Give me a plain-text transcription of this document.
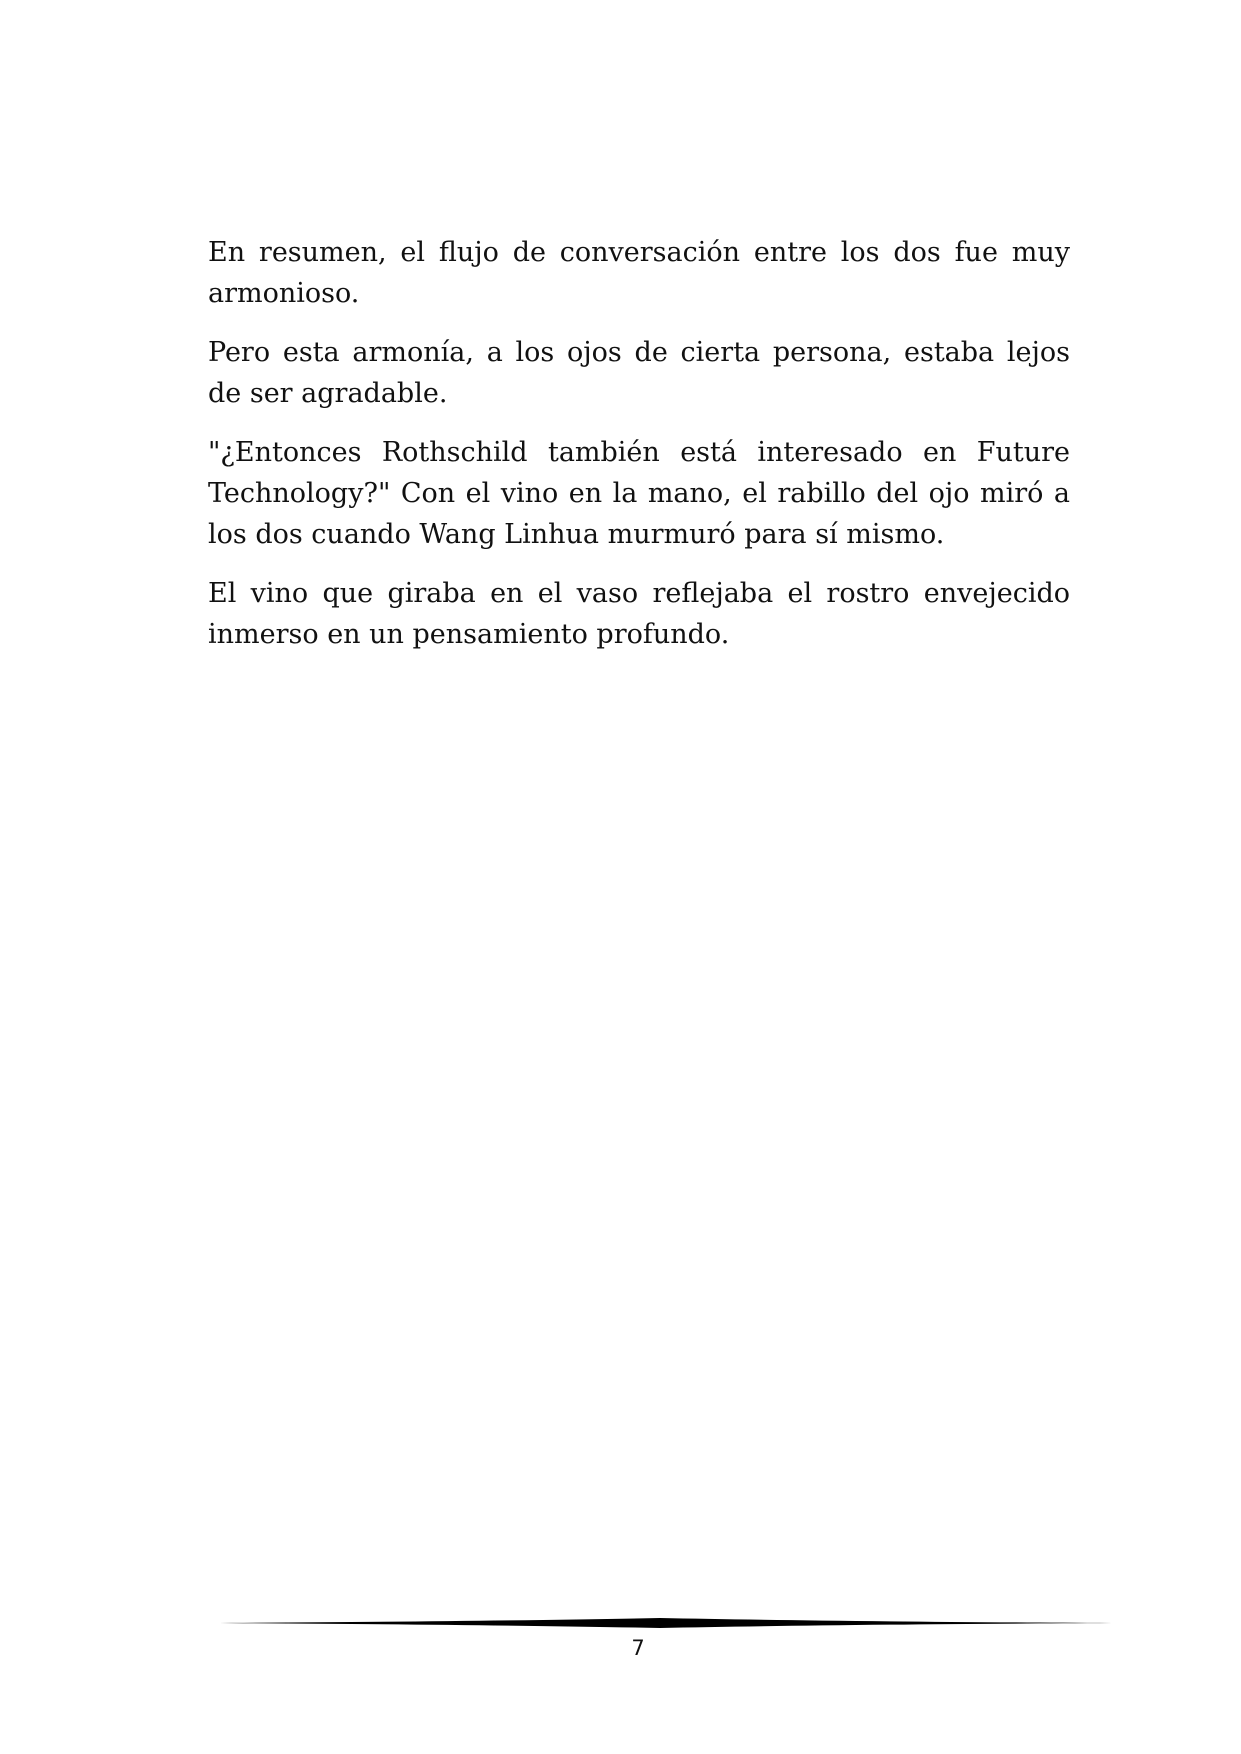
En resumen, el flujo de conversación entre los dos fue muy armonioso.

Pero esta armonía, a los ojos de cierta persona, estaba lejos de ser agradable.

"¿Entonces Rothschild también está interesado en Future Technology?" Con el vino en la mano, el rabillo del ojo miró a los dos cuando Wang Linhua murmuró para sí mismo.

El vino que giraba en el vaso reflejaba el rostro envejecido inmerso en un pensamiento profundo.

7
